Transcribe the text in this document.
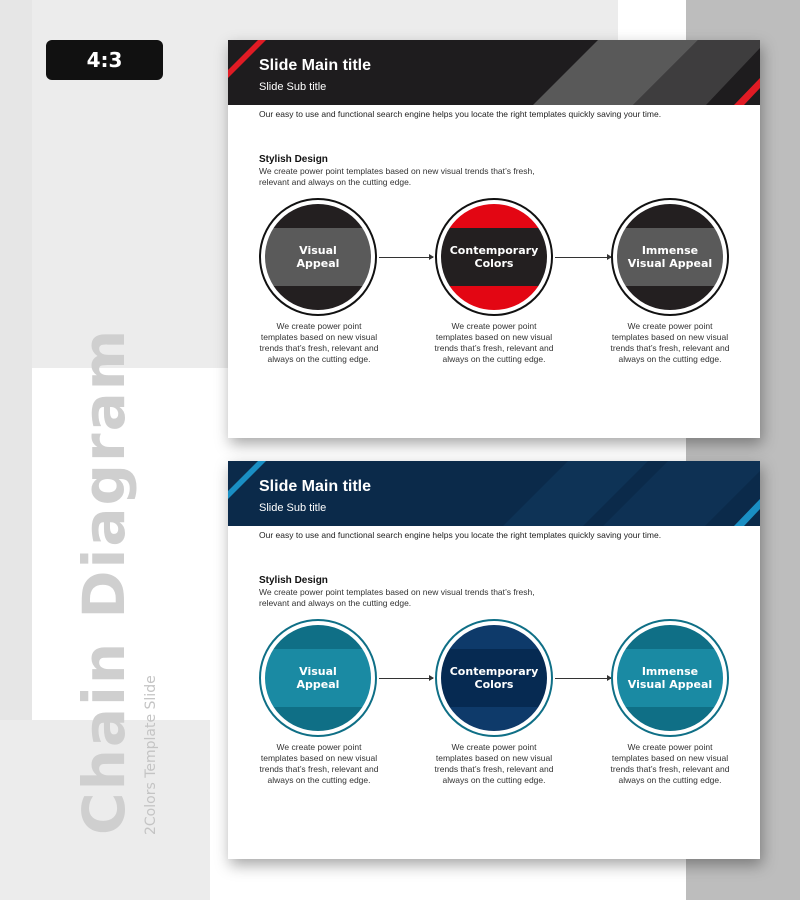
4:3
Chain Diagram 2Colors Template Slide
Slide Main title
Slide Sub title
Our easy to use and functional search engine helps you locate the right templates quickly saving your time.
Stylish Design
We create power point templates based on new visual trends that’s fresh, relevant and always on the cutting edge.
Visual
Appeal
Contemporary
Colors
Immense
Visual Appeal
We create power point templates based on new visual trends that’s fresh, relevant and always on the cutting edge.
We create power point templates based on new visual trends that’s fresh, relevant and always on the cutting edge.
We create power point templates based on new visual trends that’s fresh, relevant and always on the cutting edge.
Slide Main title
Slide Sub title
Our easy to use and functional search engine helps you locate the right templates quickly saving your time.
Stylish Design
We create power point templates based on new visual trends that’s fresh, relevant and always on the cutting edge.
Visual
Appeal
Contemporary
Colors
Immense
Visual Appeal
We create power point templates based on new visual trends that’s fresh, relevant and always on the cutting edge.
We create power point templates based on new visual trends that’s fresh, relevant and always on the cutting edge.
We create power point templates based on new visual trends that’s fresh, relevant and always on the cutting edge.
